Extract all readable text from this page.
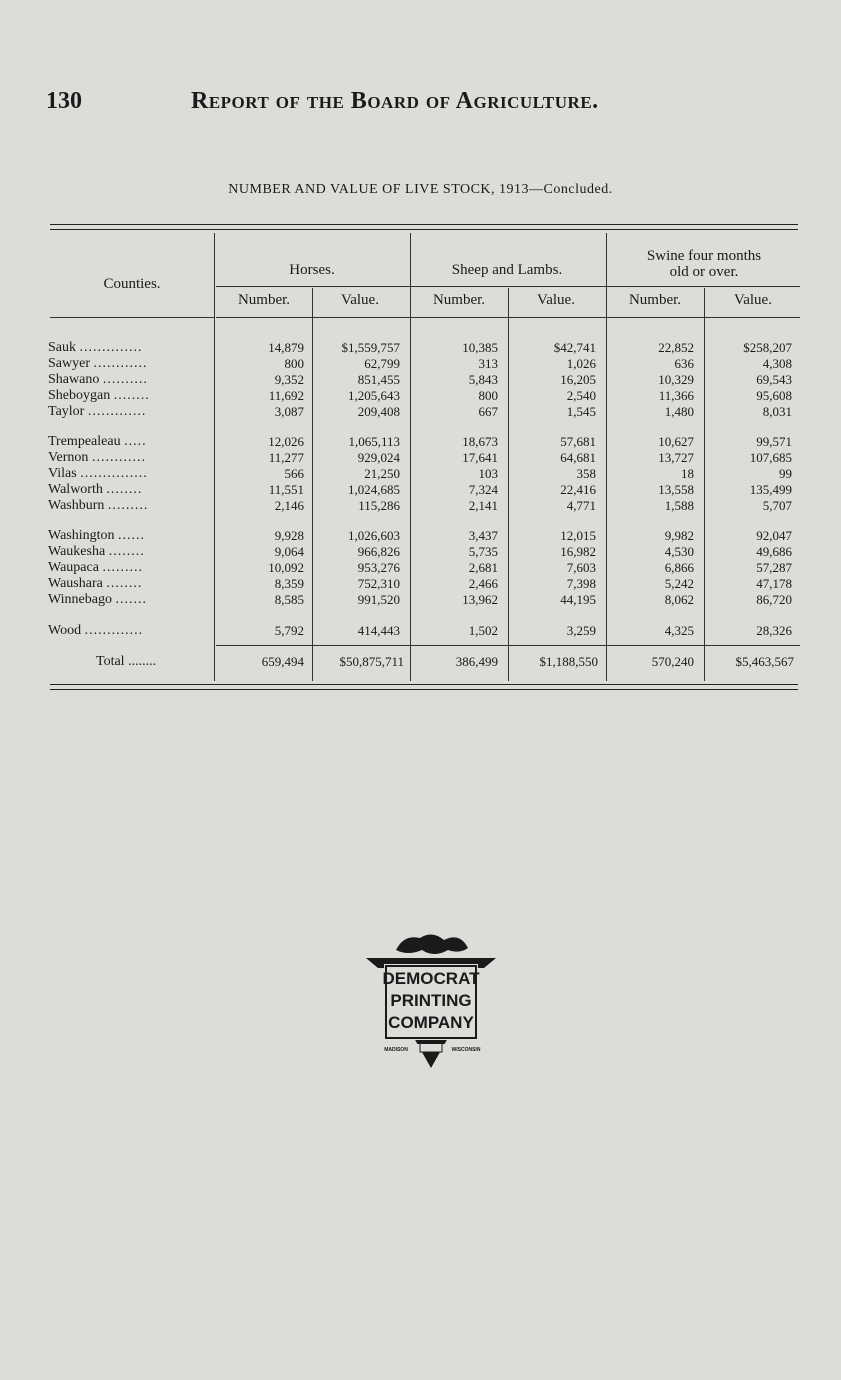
130	Report of the Board of Agriculture.
NUMBER AND VALUE OF LIVE STOCK, 1913—Concluded.
Counties.
Horses.	Sheep and Lambs.
Swine four months
old or over.
Number.	Value.	Number.	Value.	Number.	Value.
Sauk ..............	14,879	$1,559,757	10,385	$42,741	22,852	$258,207
Sawyer ............	800	62,799	313	1,026	636	4,308
Shawano ..........	9,352	851,455	5,843	16,205	10,329	69,543
Sheboygan ........	11,692	1,205,643	800	2,540	11,366	95,608
Taylor .............	3,087	209,408	667	1,545	1,480	8,031
Trempealeau .....	12,026	1,065,113	18,673	57,681	10,627	99,571
Vernon ............	11,277	929,024	17,641	64,681	13,727	107,685
Vilas ...............	566	21,250	103	358	18	99
Walworth ........	11,551	1,024,685	7,324	22,416	13,558	135,499
Washburn .........	2,146	115,286	2,141	4,771	1,588	5,707
Washington ......	9,928	1,026,603	3,437	12,015	9,982	92,047
Waukesha ........	9,064	966,826	5,735	16,982	4,530	49,686
Waupaca .........	10,092	953,276	2,681	7,603	6,866	57,287
Waushara ........	8,359	752,310	2,466	7,398	5,242	47,178
Winnebago .......	8,585	991,520	13,962	44,195	8,062	86,720
Wood .............	5,792	414,443	1,502	3,259	4,325	28,326
Total ........	659,494	$50,875,711	386,499	$1,188,550	570,240	$5,463,567
DEMOCRAT
PRINTING
COMPANY
MADISON	WISCONSIN
